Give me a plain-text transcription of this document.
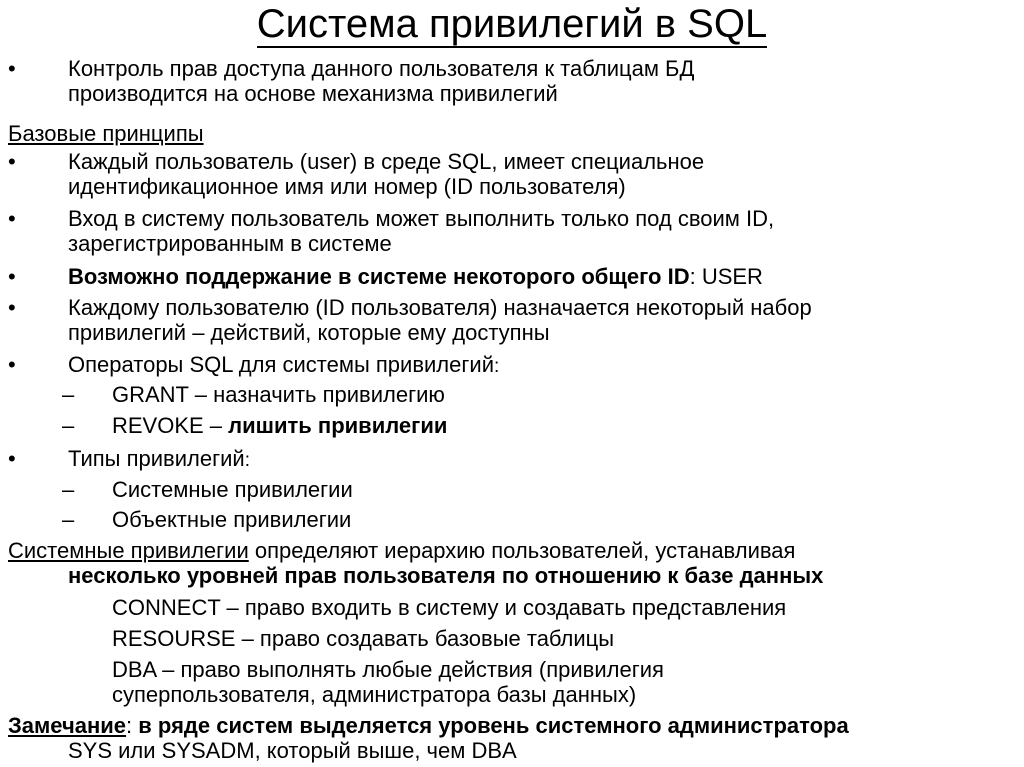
Система привилегий в SQL
• Контроль прав доступа данного пользователя к таблицам БД
производится на основе механизма привилегий
Базовые принципы
• Каждый пользователь (user) в среде SQL, имеет специальное
идентификационное имя или номер (ID пользователя)
• Вход в систему пользователь может выполнить только под своим ID,
зарегистрированным в системе
• Возможно поддержание в системе некоторого общего ID: USER
• Каждому пользователю (ID пользователя) назначается некоторый набор
привилегий – действий, которые ему доступны
• Операторы SQL для системы привилегий:
– GRANT – назначить привилегию
– REVOKE – лишить привилегии
• Типы привилегий:
– Системные привилегии
– Объектные привилегии
Системные привилегии определяют иерархию пользователей, устанавливая
несколько уровней прав пользователя по отношению к базе данных
CONNECT – право входить в систему и создавать представления
RESOURSE – право создавать базовые таблицы
DBA – право выполнять любые действия (привилегия
суперпользователя, администратора базы данных)
Замечание: в ряде систем выделяется уровень системного администратора
SYS или SYSADM, который выше, чем DBA
